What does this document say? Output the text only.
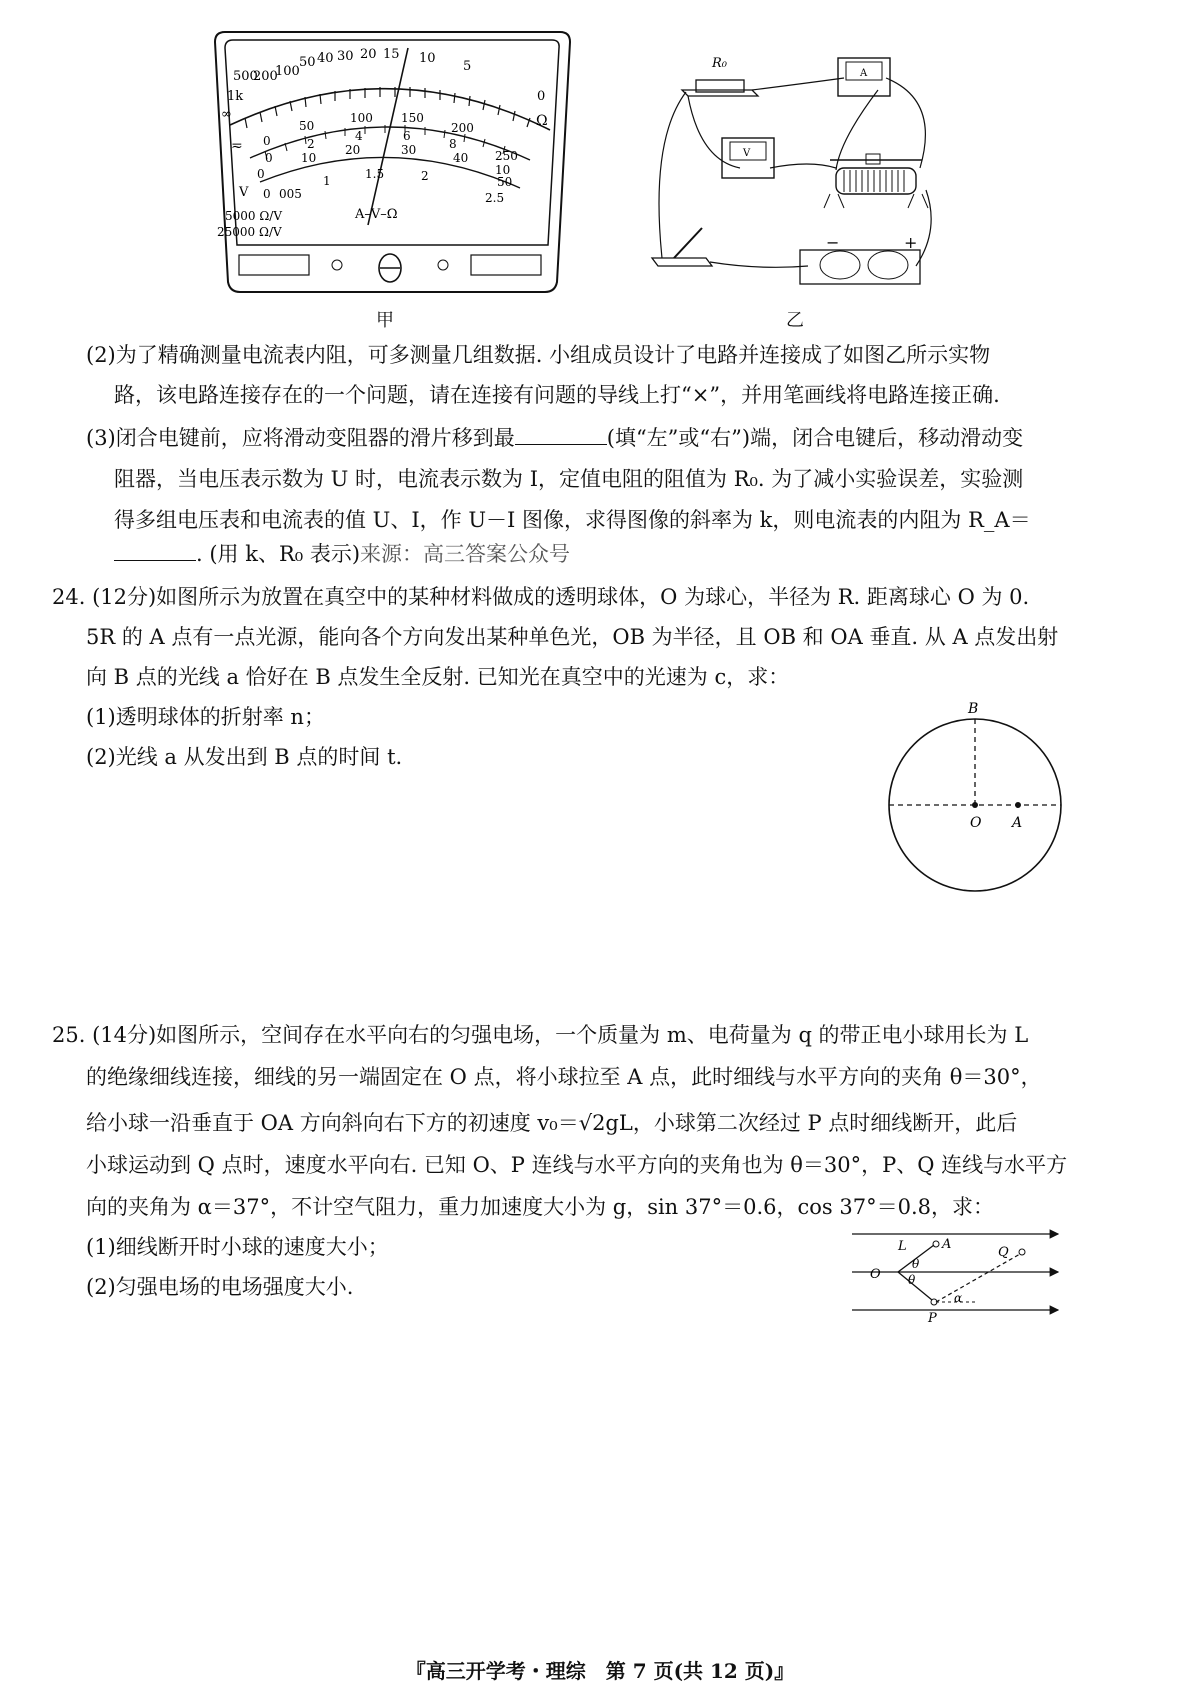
∞
1k
500
200
100
50 40 30 20 15 10
5
0
Ω
0
50
100 150
200
250
0
2
4	6
8
10
0
10
20	30
40
50
0 005
1	1.5	2
2.5
≂
V
5000 Ω/V
25000 Ω/V
A–V–Ω
甲
R₀
A
V
−	+
乙
(2)为了精确测量电流表内阻，可多测量几组数据. 小组成员设计了电路并连接成了如图乙所示实物
路，该电路连接存在的一个问题，请在连接有问题的导线上打“×”，并用笔画线将电路连接正确.
(3)闭合电键前，应将滑动变阻器的滑片移到最	(填“左”或“右”)端，闭合电键后，移动滑动变
阻器，当电压表示数为 U 时，电流表示数为 I，定值电阻的阻值为 R₀. 为了减小实验误差，实验测
得多组电压表和电流表的值 U、I，作 U－I 图像，求得图像的斜率为 k，则电流表的内阻为 R_A＝
. (用 k、R₀ 表示)来源：高三答案公众号
24. (12分)如图所示为放置在真空中的某种材料做成的透明球体，O 为球心，半径为 R. 距离球心 O 为 0.
5R 的 A 点有一点光源，能向各个方向发出某种单色光，OB 为半径，且 OB 和 OA 垂直. 从 A 点发出射
向 B 点的光线 a 恰好在 B 点发生全反射. 已知光在真空中的光速为 c，求：
(1)透明球体的折射率 n；
(2)光线 a 从发出到 B 点的时间 t.
B
O A
25. (14分)如图所示，空间存在水平向右的匀强电场，一个质量为 m、电荷量为 q 的带正电小球用长为 L
的绝缘细线连接，细线的另一端固定在 O 点，将小球拉至 A 点，此时细线与水平方向的夹角 θ＝30°，
给小球一沿垂直于 OA 方向斜向右下方的初速度 v₀＝√2gL，小球第二次经过 P 点时细线断开，此后
小球运动到 Q 点时，速度水平向右. 已知 O、P 连线与水平方向的夹角也为 θ＝30°，P、Q 连线与水平方
向的夹角为 α＝37°，不计空气阻力，重力加速度大小为 g，sin 37°＝0.6，cos 37°＝0.8，求：
(1)细线断开时小球的速度大小；
(2)匀强电场的电场强度大小.
L	A
Q
O
θ
θ
α
P
『高三开学考・理综　第 7 页(共 12 页)』
